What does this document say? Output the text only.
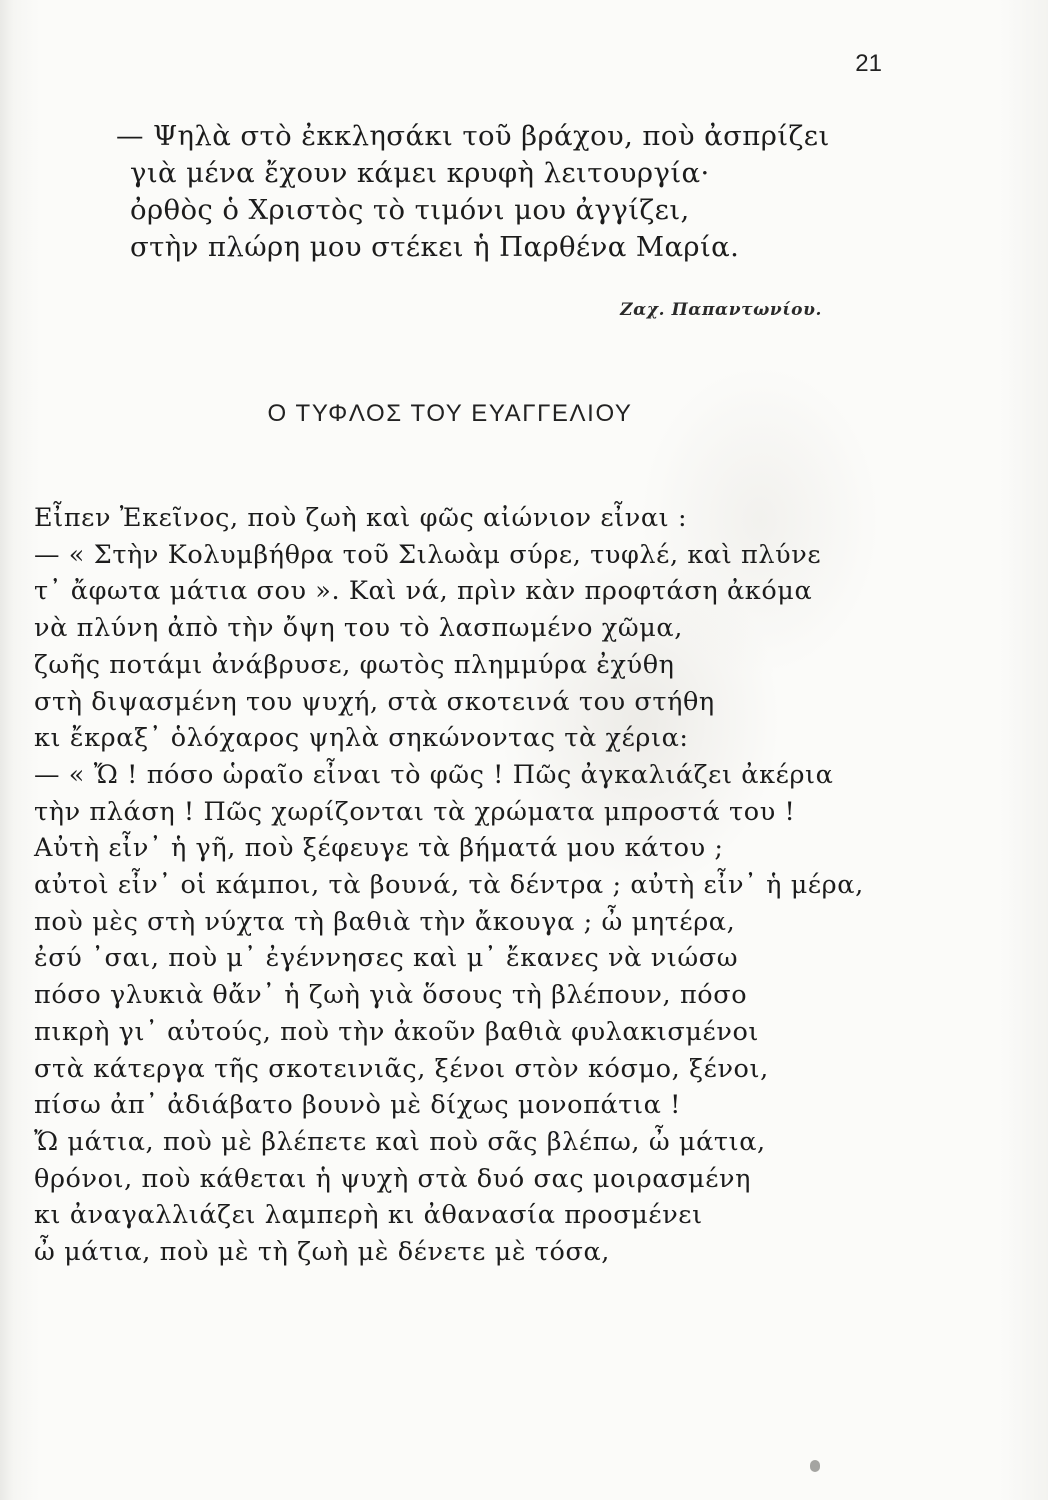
21
— Ψηλὰ στὸ ἐκκλησάκι τοῦ βράχου, ποὺ ἀσπρίζει
γιὰ μένα ἔχουν κάμει κρυφὴ λειτουργία·
ὀρθὸς ὁ Χριστὸς τὸ τιμόνι μου ἀγγίζει,
στὴν πλώρη μου στέκει ἡ Παρθένα Μαρία.
Ζαχ. Παπαντωνίου.
Ο ΤΥΦΛΟΣ ΤΟΥ ΕΥΑΓΓΕΛΙΟΥ
Εἶπεν Ἐκεῖνος, ποὺ ζωὴ καὶ φῶς αἰώνιον εἶναι :
— « Στὴν Κολυμβήθρα τοῦ Σιλωὰμ σύρε, τυφλέ, καὶ πλύνε
τ᾿ ἄφωτα μάτια σου ». Καὶ νά, πρὶν κὰν προφτάση ἀκόμα
νὰ πλύνη ἀπὸ τὴν ὄψη του τὸ λασπωμένο χῶμα,
ζωῆς ποτάμι ἀνάβρυσε, φωτὸς πλημμύρα ἐχύθη
στὴ διψασμένη του ψυχή, στὰ σκοτεινά του στήθη
κι ἔκραξ᾿ ὁλόχαρος ψηλὰ σηκώνοντας τὰ χέρια:
— « Ὤ ! πόσο ὡραῖο εἶναι τὸ φῶς ! Πῶς ἀγκαλιάζει ἀκέρια
τὴν πλάση ! Πῶς χωρίζονται τὰ χρώματα μπροστά του !
Αὐτὴ εἶν᾿ ἡ γῆ, ποὺ ξέφευγε τὰ βήματά μου κάτου ;
αὐτοὶ εἶν᾿ οἱ κάμποι, τὰ βουνά, τὰ δέντρα ; αὐτὴ εἶν᾿ ἡ μέρα,
ποὺ μὲς στὴ νύχτα τὴ βαθιὰ τὴν ἄκουγα ; ὦ μητέρα,
ἐσύ ᾿σαι, ποὺ μ᾿ ἐγέννησες καὶ μ᾿ ἔκανες νὰ νιώσω
πόσο γλυκιὰ θἄν᾿ ἡ ζωὴ γιὰ ὅσους τὴ βλέπουν, πόσο
πικρὴ γι᾿ αὐτούς, ποὺ τὴν ἀκοῦν βαθιὰ φυλακισμένοι
στὰ κάτεργα τῆς σκοτεινιᾶς, ξένοι στὸν κόσμο, ξένοι,
πίσω ἀπ᾿ ἀδιάβατο βουνὸ μὲ δίχως μονοπάτια !
Ὤ μάτια, ποὺ μὲ βλέπετε καὶ ποὺ σᾶς βλέπω, ὦ μάτια,
θρόνοι, ποὺ κάθεται ἡ ψυχὴ στὰ δυό σας μοιρασμένη
κι ἀναγαλλιάζει λαμπερὴ κι ἀθανασία προσμένει
ὦ μάτια, ποὺ μὲ τὴ ζωὴ μὲ δένετε μὲ τόσα,
